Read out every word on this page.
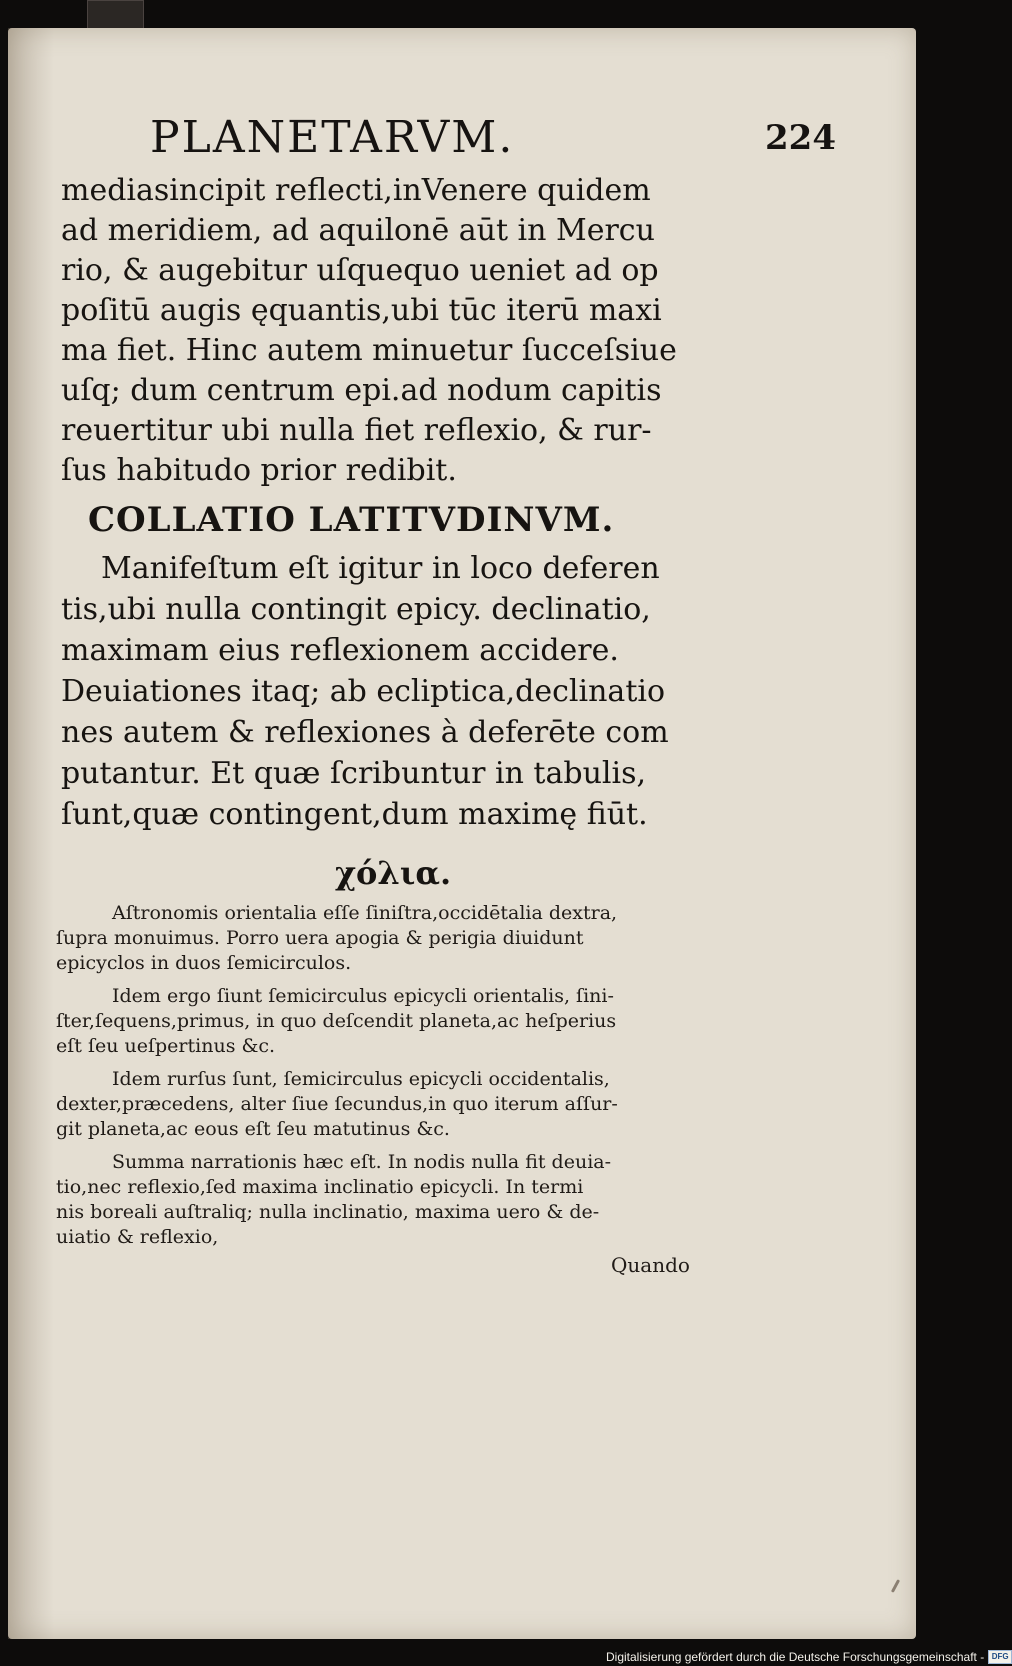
PLANETARVM.	224
mediasincipit reflecti,inVenere quidem
ad meridiem, ad aquilonē aūt in Mercu
rio, & augebitur uſquequo ueniet ad op
poſitū augis ęquantis,ubi tūc iterū maxi
ma fiet. Hinc autem minuetur ſucceſsiue
uſq; dum centrum epi.ad nodum capitis
reuertitur ubi nulla fiet reflexio, & rur-
ſus habitudo prior redibit.
COLLATIO LATITVDINVM.
Manifeſtum eſt igitur in loco deferen
tis,ubi nulla contingit epicy. declinatio,
maximam eius reflexionem accidere.
Deuiationes itaq; ab ecliptica,declinatio
nes autem & reflexiones à deferēte com
putantur. Et quæ ſcribuntur in tabulis,
ſunt,quæ contingent,dum maximę fiūt.
χόλια.

Aſtronomis orientalia eſſe ſiniſtra,occidētalia dextra,
ſupra monuimus. Porro uera apogia & perigia diuidunt
epicyclos in duos ſemicirculos.

Idem ergo ſiunt ſemicirculus epicycli orientalis, ſini-
ſter,ſequens,primus, in quo deſcendit planeta,ac heſperius
eſt ſeu ueſpertinus &c.

Idem rurſus ſunt, ſemicirculus epicycli occidentalis,
dexter,præcedens, alter ſiue ſecundus,in quo iterum aſſur-
git planeta,ac eous eſt ſeu matutinus &c.

Summa narrationis hæc eſt. In nodis nulla fit deuia-
tio,nec reflexio,ſed maxima inclinatio epicycli. In termi
nis boreali auſtraliq; nulla inclinatio, maxima uero & de-
uiatio & reflexio,

Quando

Digitalisierung gefördert durch die Deutsche Forschungsgemeinschaft - DFG
